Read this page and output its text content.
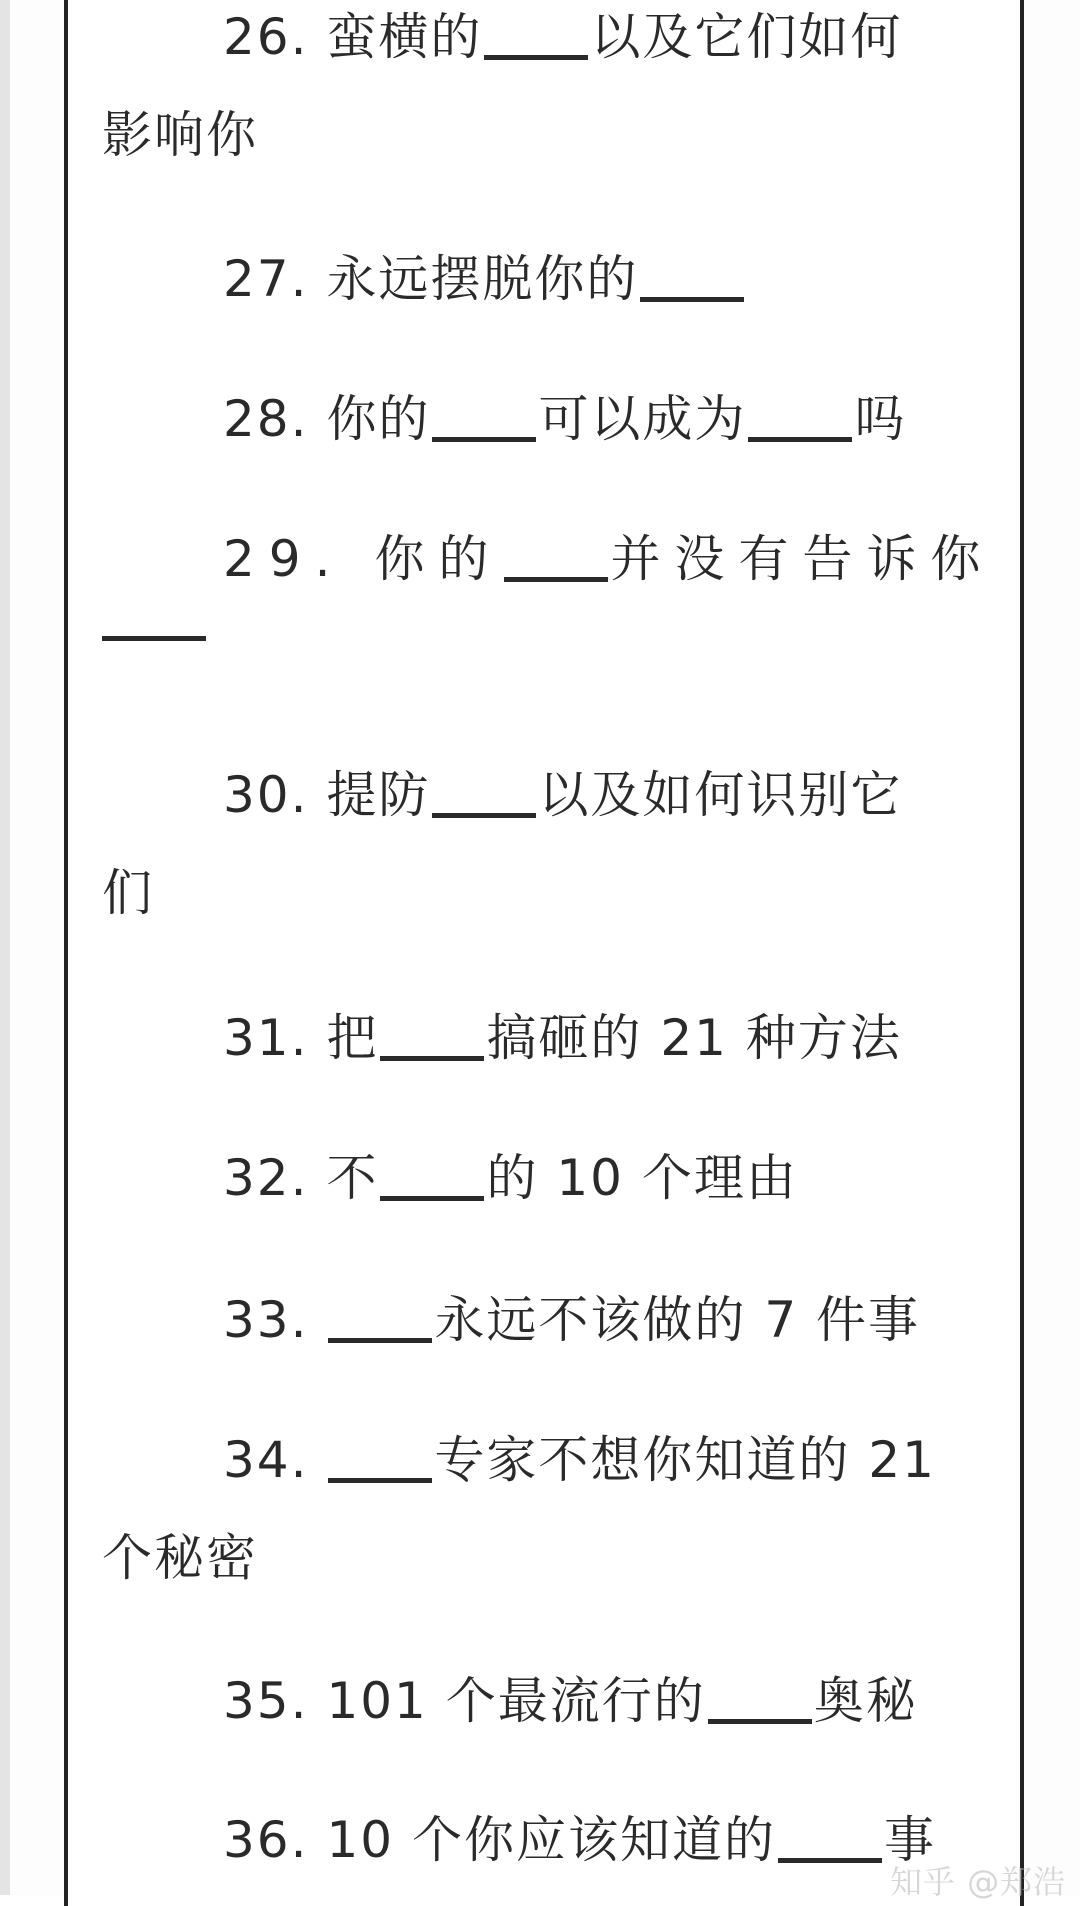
26. 蛮横的 以及它们如何
影响你
27. 永远摆脱你的
28. 你的 可以成为 吗
29. 你的 并没有告诉你
30. 提防 以及如何识别它
们
31. 把 搞砸的 21 种方法
32. 不 的 10 个理由
33.	永远不该做的 7 件事
34.	专家不想你知道的 21
个秘密
35. 101 个最流行的 奥秘
36. 10 个你应该知道的 事
知乎 @郑浩
